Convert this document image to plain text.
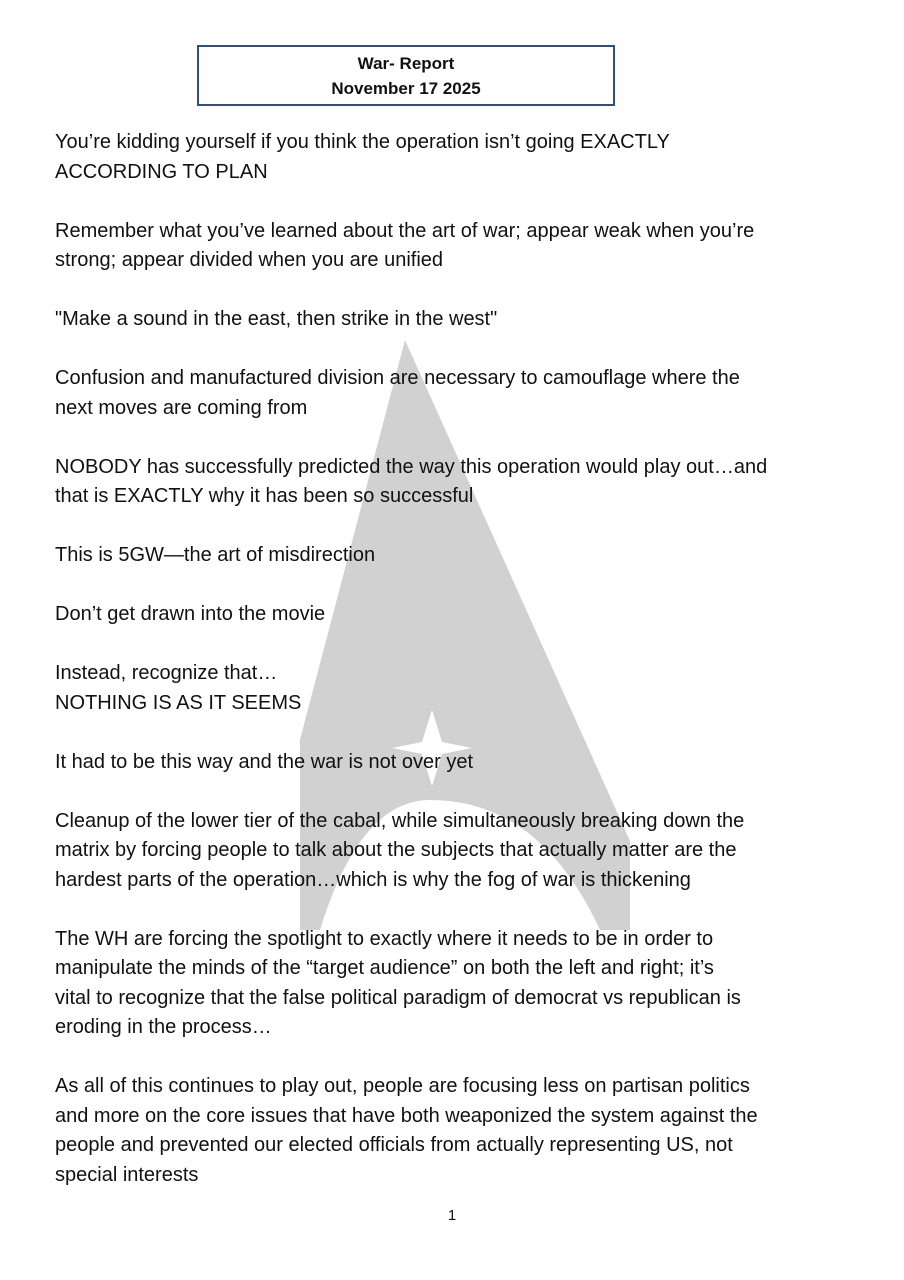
War- Report
November 17 2025
You’re kidding yourself if you think the operation isn’t going EXACTLY
ACCORDING TO PLAN
Remember what you’ve learned about the art of war; appear weak when you’re
strong; appear divided when you are unified
"Make a sound in the east, then strike in the west"
Confusion and manufactured division are necessary to camouflage where the
next moves are coming from
NOBODY has successfully predicted the way this operation would play out…and
that is EXACTLY why it has been so successful
This is 5GW—the art of misdirection
Don’t get drawn into the movie
Instead, recognize that…
NOTHING IS AS IT SEEMS
It had to be this way and the war is not over yet
Cleanup of the lower tier of the cabal, while simultaneously breaking down the
matrix by forcing people to talk about the subjects that actually matter are the
hardest parts of the operation…which is why the fog of war is thickening
The WH are forcing the spotlight to exactly where it needs to be in order to
manipulate the minds of the “target audience” on both the left and right; it’s
vital to recognize that the false political paradigm of democrat vs republican is
eroding in the process…
As all of this continues to play out, people are focusing less on partisan politics
and more on the core issues that have both weaponized the system against the
people and prevented our elected officials from actually representing US, not
special interests
1
